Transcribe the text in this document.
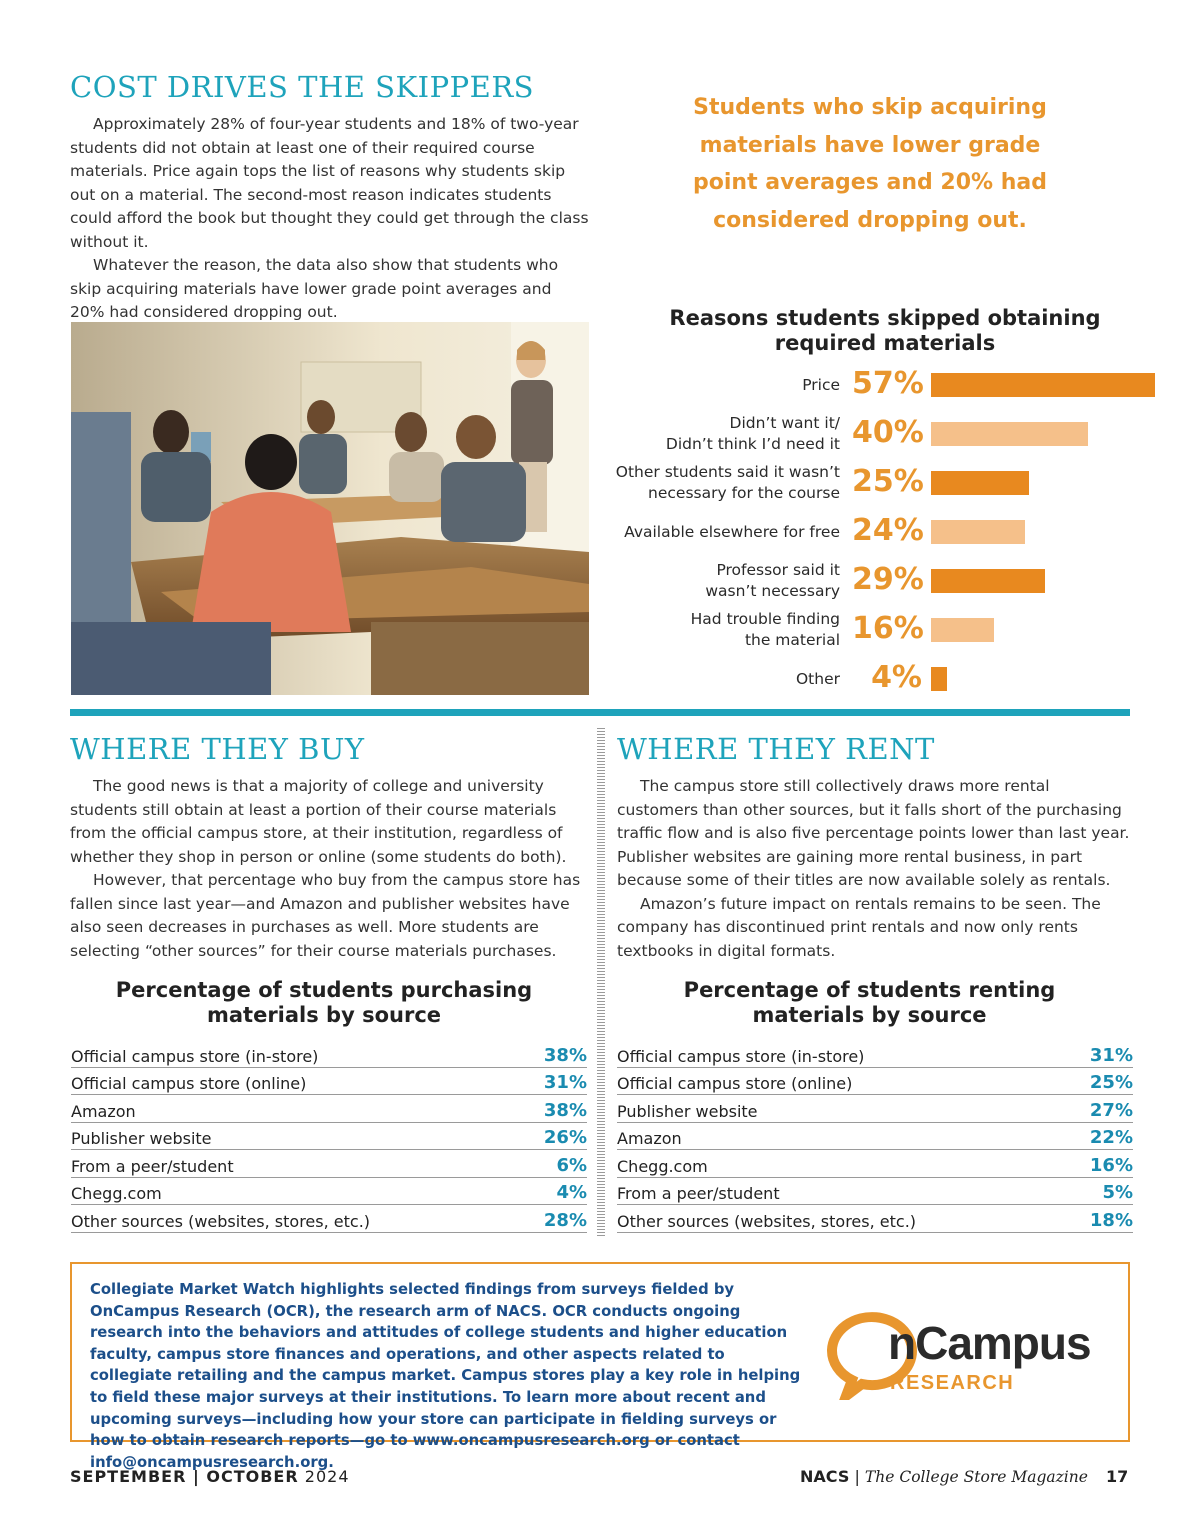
COST DRIVES THE SKIPPERS

Approximately 28% of four-year students and 18% of two-year students did not obtain at least one of their required course materials. Price again tops the list of reasons why students skip out on a material. The second-most reason indicates students could afford the book but thought they could get through the class without it.

Whatever the reason, the data also show that students who skip acquiring materials have lower grade point averages and 20% had considered dropping out.

Students who skip acquiring
materials have lower grade
point averages and 20% had
considered dropping out.
Reasons students skipped obtaining
required materials
Price 57%
Didn’t want it/
Didn’t think I’d need it 40%
Other students said it wasn’t
necessary for the course 25%
Available elsewhere for free 24%
Professor said it
wasn’t necessary 29%
Had trouble finding
the material 16%
Other	4%
WHERE THEY BUY

The good news is that a majority of college and university students still obtain at least a portion of their course materials from the official campus store, at their institution, regardless of whether they shop in person or online (some students do both).

However, that percentage who buy from the campus store has fallen since last year—and Amazon and publisher websites have also seen decreases in purchases as well. More students are selecting “other sources” for their course materials purchases.

Percentage of students purchasing
materials by source
Official campus store (in-store)	38%
Official campus store (online)	31%
Amazon	38%
Publisher website	26%
From a peer/student	6%
Chegg.com	4%
Other sources (websites, stores, etc.)	28%
WHERE THEY RENT

The campus store still collectively draws more rental customers than other sources, but it falls short of the purchasing traffic flow and is also five percentage points lower than last year. Publisher websites are gaining more rental business, in part because some of their titles are now available solely as rentals.

Amazon’s future impact on rentals remains to be seen. The company has discontinued print rentals and now only rents textbooks in digital formats.

Percentage of students renting
materials by source
Official campus store (in-store)	31%
Official campus store (online)	25%
Publisher website	27%
Amazon	22%
Chegg.com	16%
From a peer/student	5%
Other sources (websites, stores, etc.)	18%
Collegiate Market Watch highlights selected findings from surveys fielded by OnCampus Research (OCR), the research arm of NACS. OCR conducts ongoing research into the behaviors and attitudes of college students and higher education faculty, campus store finances and operations, and other aspects related to collegiate retailing and the campus market. Campus stores play a key role in helping to field these major surveys at their institutions. To learn more about recent and upcoming surveys—including how your store can participate in fielding surveys or how to obtain research reports—go to www.oncampusresearch.org or contact info@oncampusresearch.org.
nCampus
RESEARCH
SEPTEMBER | OCTOBER 2024	NACS | The College Store Magazine 17
